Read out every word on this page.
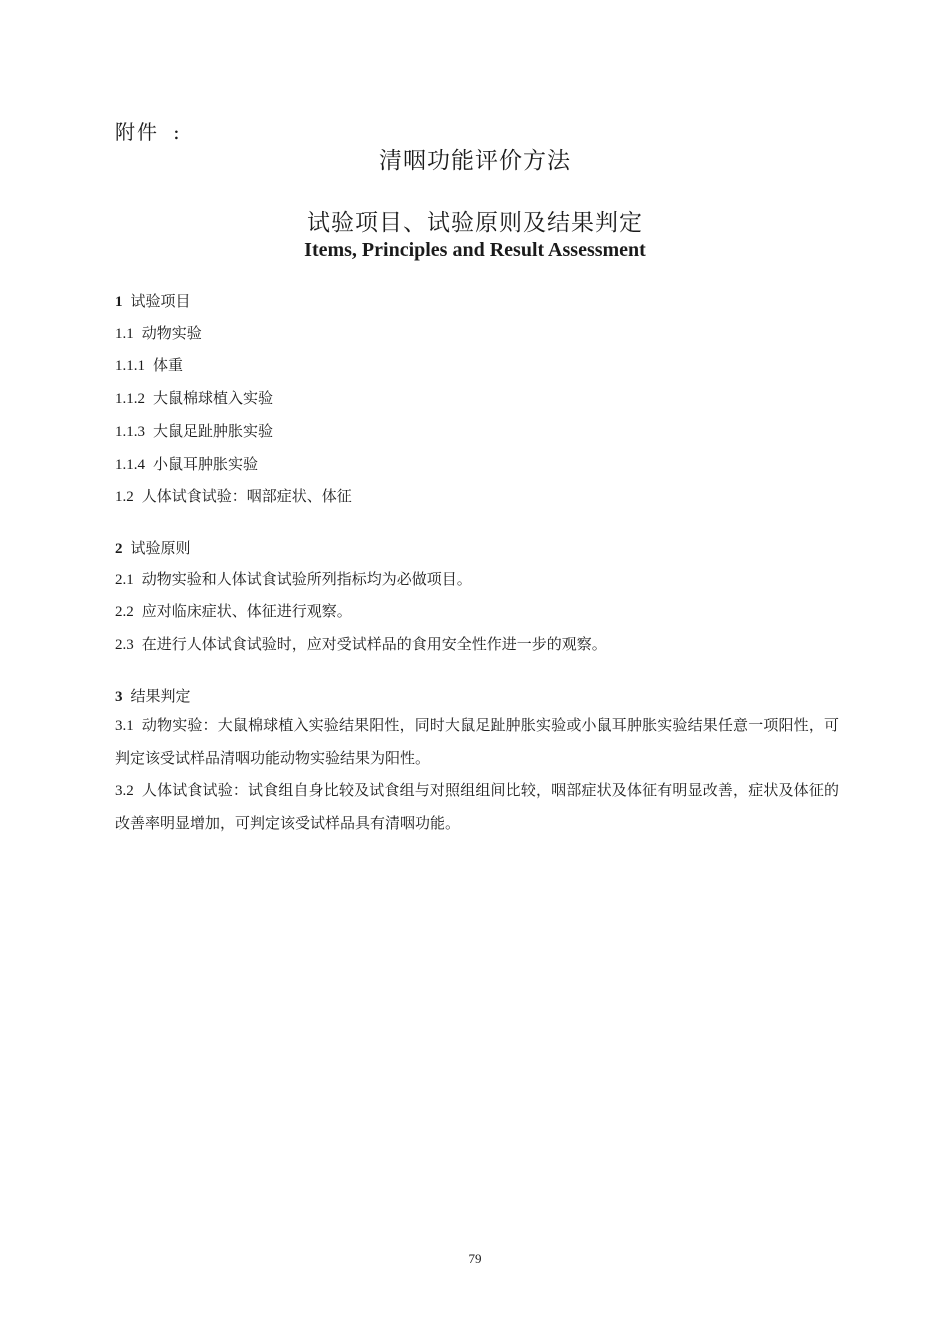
附件 :
清咽功能评价方法
试验项目、试验原则及结果判定
Items, Principles and Result Assessment
1 试验项目
1.1 动物实验
1.1.1 体重
1.1.2 大鼠棉球植入实验
1.1.3 大鼠足趾肿胀实验
1.1.4 小鼠耳肿胀实验
1.2 人体试食试验：咽部症状、体征
2 试验原则
2.1 动物实验和人体试食试验所列指标均为必做项目。
2.2 应对临床症状、体征进行观察。
2.3 在进行人体试食试验时，应对受试样品的食用安全性作进一步的观察。
3 结果判定
3.1 动物实验：大鼠棉球植入实验结果阳性，同时大鼠足趾肿胀实验或小鼠耳肿胀实验结果任意一项阳性，可判定该受试样品清咽功能动物实验结果为阳性。
3.2 人体试食试验：试食组自身比较及试食组与对照组组间比较，咽部症状及体征有明显改善，症状及体征的改善率明显增加，可判定该受试样品具有清咽功能。
79
